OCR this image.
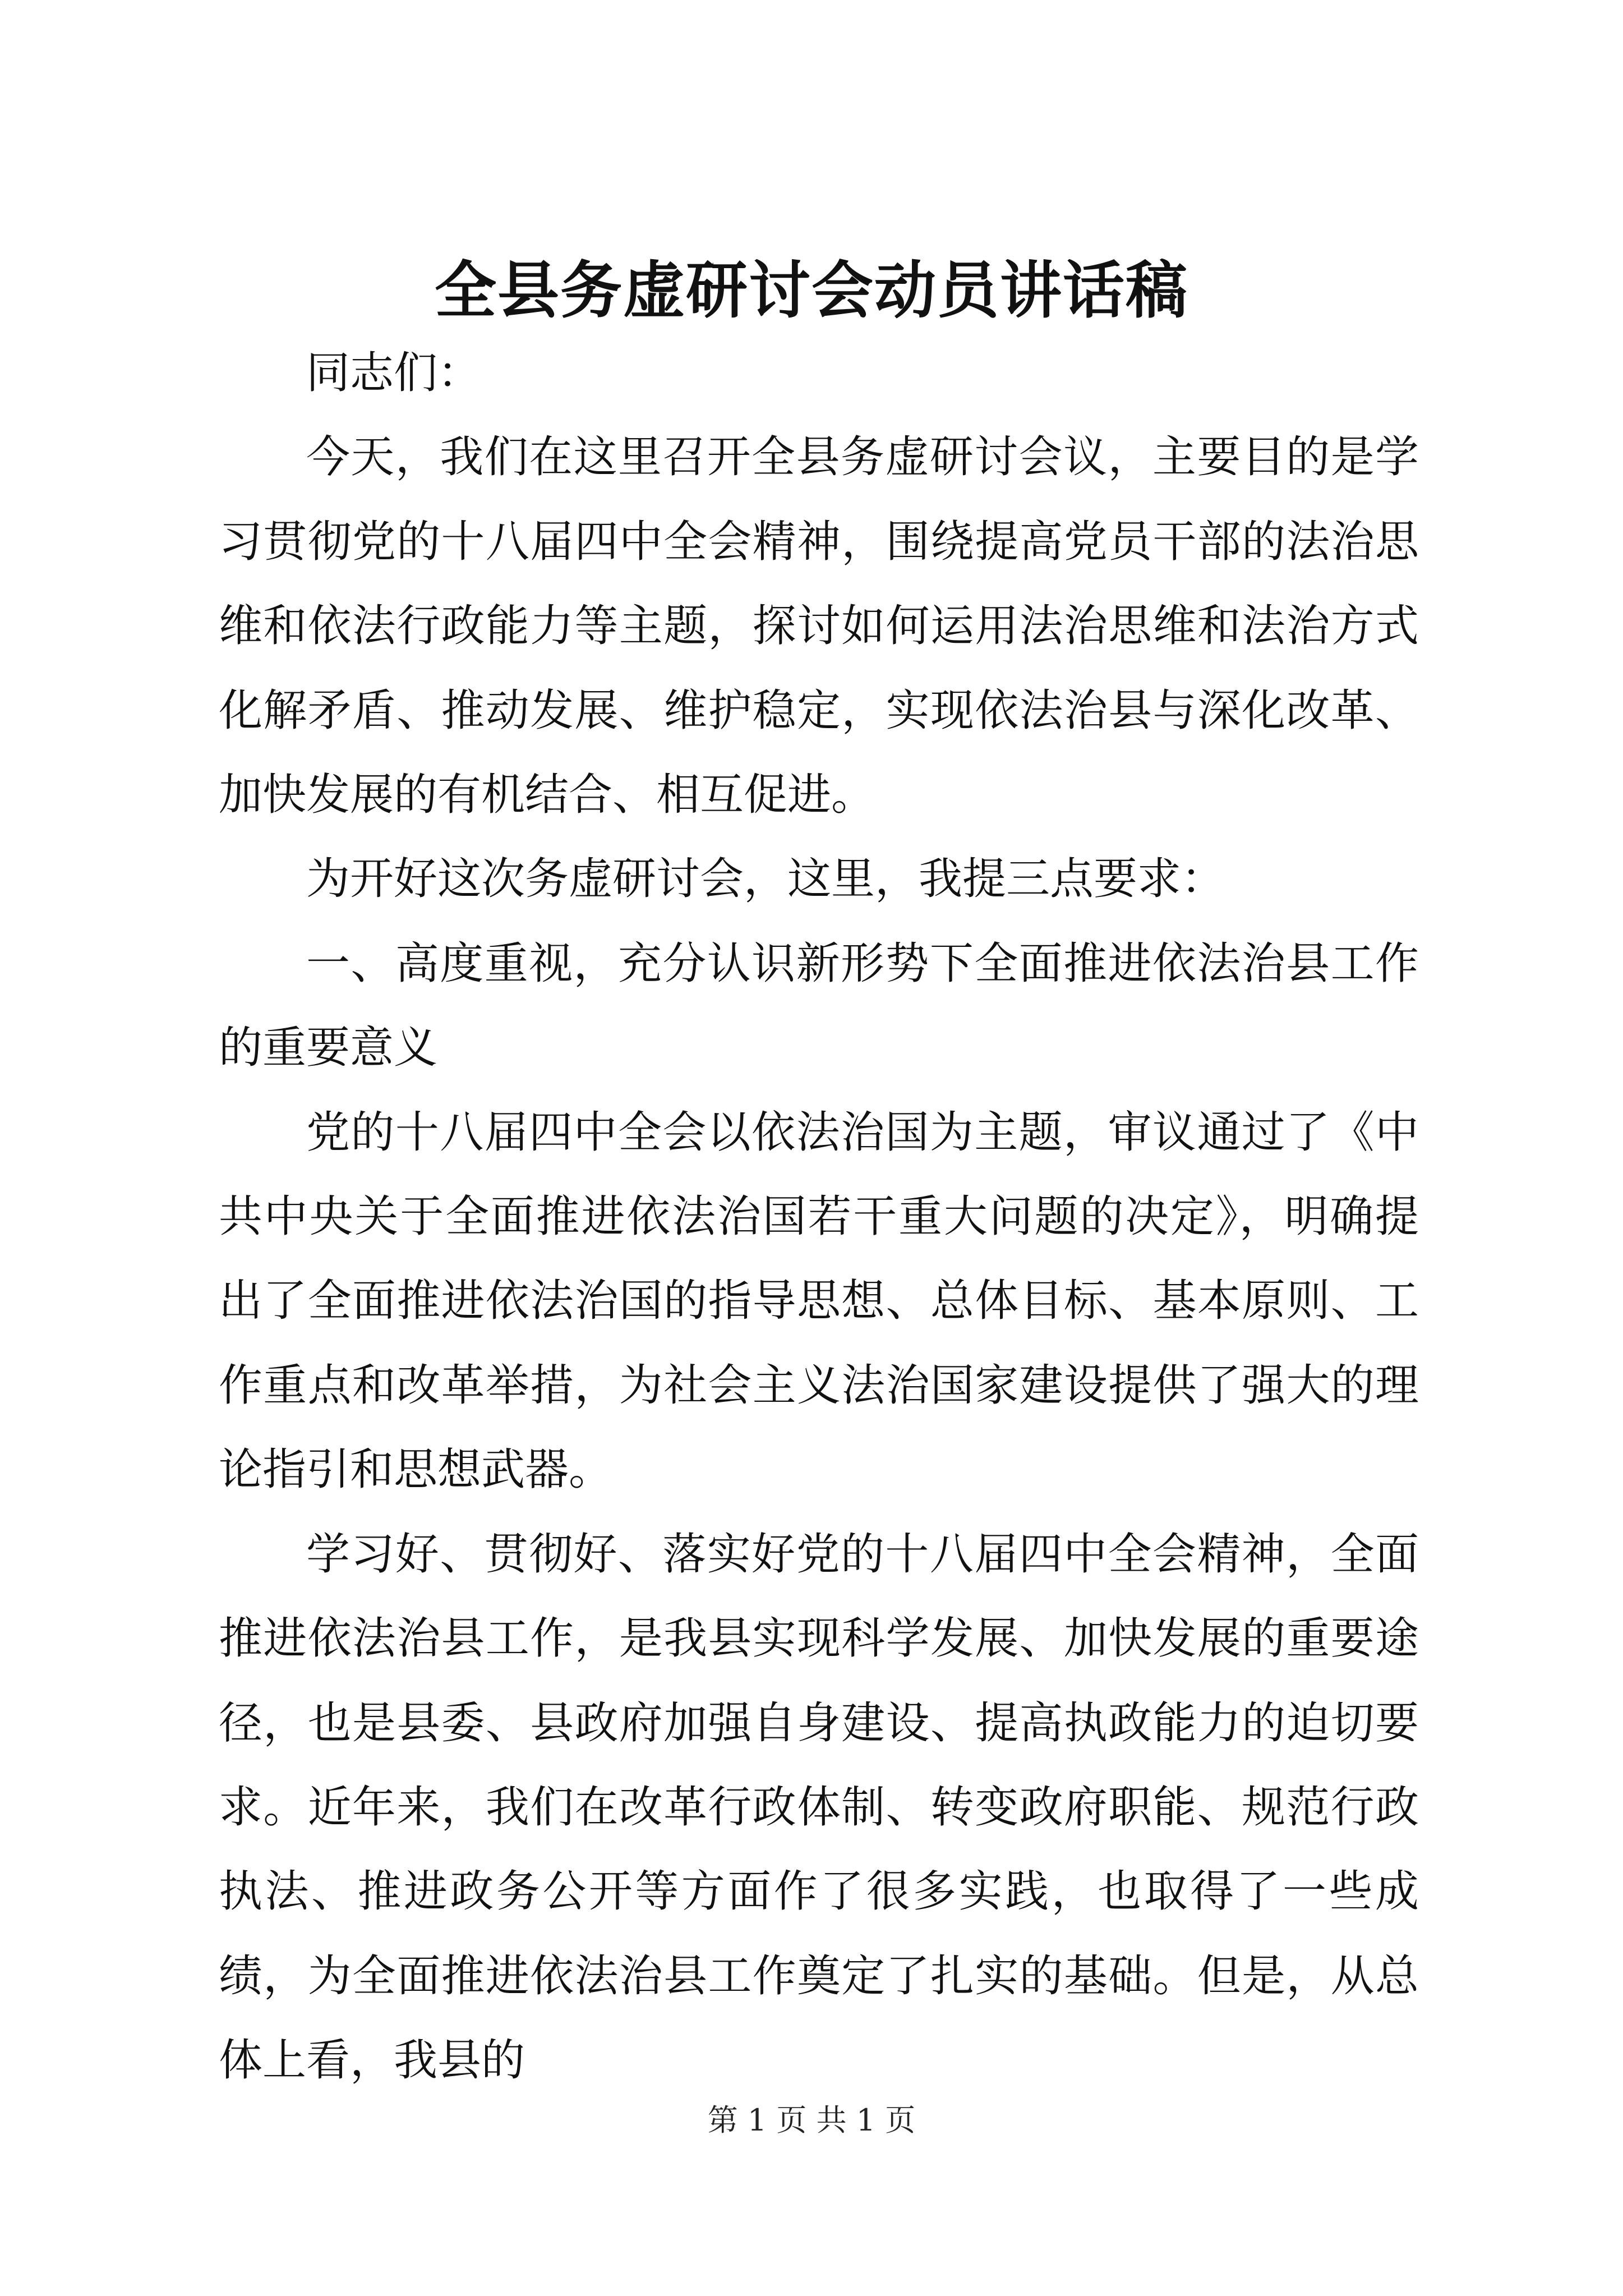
全县务虚研讨会动员讲话稿

同志们：

今天，我们在这里召开全县务虚研讨会议，主要目的是学习贯彻党的十八届四中全会精神，围绕提高党员干部的法治思维和依法行政能力等主题，探讨如何运用法治思维和法治方式化解矛盾、推动发展、维护稳定，实现依法治县与深化改革、加快发展的有机结合、相互促进。

为开好这次务虚研讨会，这里，我提三点要求：

一、高度重视，充分认识新形势下全面推进依法治县工作的重要意义

党的十八届四中全会以依法治国为主题，审议通过了《中共中央关于全面推进依法治国若干重大问题的决定》，明确提出了全面推进依法治国的指导思想、总体目标、基本原则、工作重点和改革举措，为社会主义法治国家建设提供了强大的理论指引和思想武器。

学习好、贯彻好、落实好党的十八届四中全会精神，全面推进依法治县工作，是我县实现科学发展、加快发展的重要途径，也是县委、县政府加强自身建设、提高执政能力的迫切要求。近年来，我们在改革行政体制、转变政府职能、规范行政执法、推进政务公开等方面作了很多实践，也取得了一些成绩，为全面推进依法治县工作奠定了扎实的基础。但是，从总体上看，我县的

第 1 页 共 1 页
